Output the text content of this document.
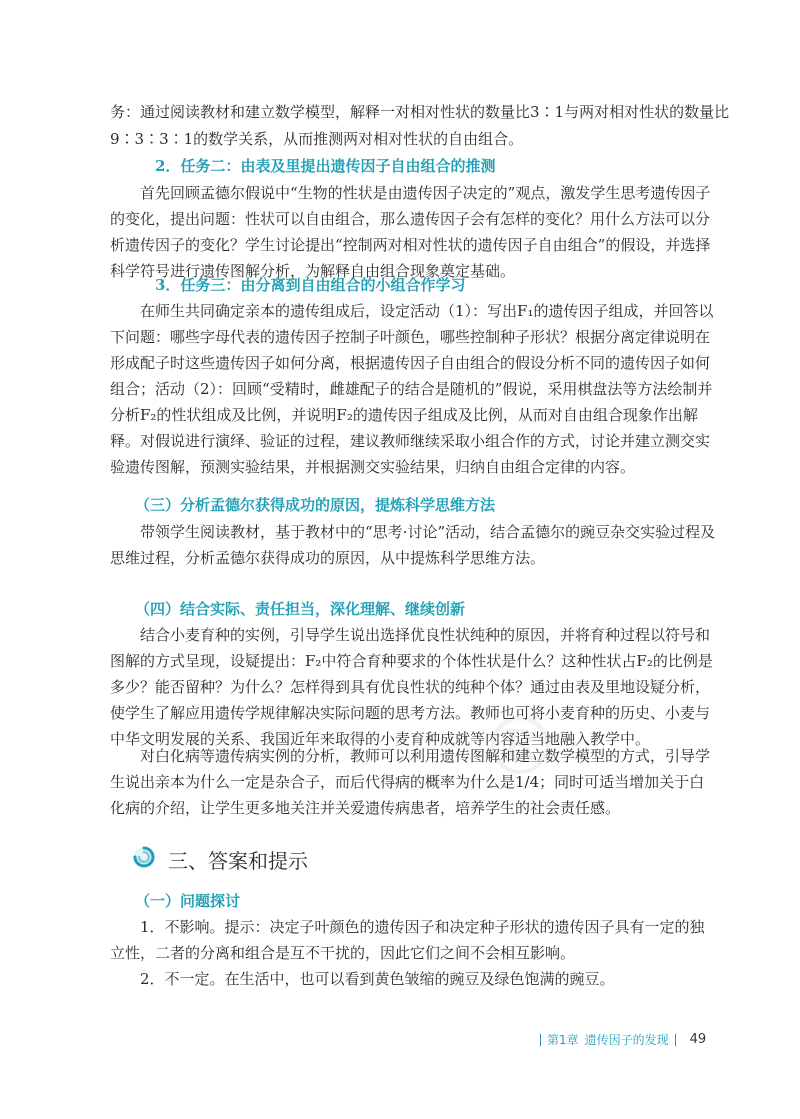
®
务：通过阅读教材和建立数学模型，解释一对相对性状的数量比3∶1与两对相对性状的数量比
9∶3∶3∶1的数学关系，从而推测两对相对性状的自由组合。
2．任务二：由表及里提出遗传因子自由组合的推测
首先回顾孟德尔假说中“生物的性状是由遗传因子决定的”观点，激发学生思考遗传因子的变化，提出问题：性状可以自由组合，那么遗传因子会有怎样的变化？用什么方法可以分析遗传因子的变化？学生讨论提出“控制两对相对性状的遗传因子自由组合”的假设，并选择科学符号进行遗传图解分析，为解释自由组合现象奠定基础。
3．任务三：由分离到自由组合的小组合作学习
在师生共同确定亲本的遗传组成后，设定活动（1）：写出F₁的遗传因子组成，并回答以下问题：哪些字母代表的遗传因子控制子叶颜色，哪些控制种子形状？根据分离定律说明在形成配子时这些遗传因子如何分离，根据遗传因子自由组合的假设分析不同的遗传因子如何组合；活动（2）：回顾“受精时，雌雄配子的结合是随机的”假说，采用棋盘法等方法绘制并分析F₂的性状组成及比例，并说明F₂的遗传因子组成及比例，从而对自由组合现象作出解释。 对假说进行演绎、验证的过程，建议教师继续采取小组合作的方式，讨论并建立测交实验遗传图解，预测实验结果，并根据测交实验结果，归纳自由组合定律的内容。
（三）分析孟德尔获得成功的原因，提炼科学思维方法
带领学生阅读教材，基于教材中的“思考·讨论”活动，结合孟德尔的豌豆杂交实验过程及思维过程，分析孟德尔获得成功的原因，从中提炼科学思维方法。
（四）结合实际、责任担当，深化理解、继续创新
结合小麦育种的实例，引导学生说出选择优良性状纯种的原因，并将育种过程以符号和图解的方式呈现，设疑提出：F₂中符合育种要求的个体性状是什么？这种性状占F₂的比例是多少？能否留种？为什么？怎样得到具有优良性状的纯种个体？通过由表及里地设疑分析，使学生了解应用遗传学规律解决实际问题的思考方法。教师也可将小麦育种的历史、小麦与中华文明发展的关系、我国近年来取得的小麦育种成就等内容适当地融入教学中。
对白化病等遗传病实例的分析，教师可以利用遗传图解和建立数学模型的方式，引导学生说出亲本为什么一定是杂合子，而后代得病的概率为什么是1/4；同时可适当增加关于白化病的介绍，让学生更多地关注并关爱遗传病患者，培养学生的社会责任感。
三、答案和提示
（一）问题探讨
1．不影响。提示：决定子叶颜色的遗传因子和决定种子形状的遗传因子具有一定的独立性，二者的分离和组合是互不干扰的，因此它们之间不会相互影响。
2．不一定。在生活中，也可以看到黄色皱缩的豌豆及绿色饱满的豌豆。
第1章 遗传因子的发现 49
